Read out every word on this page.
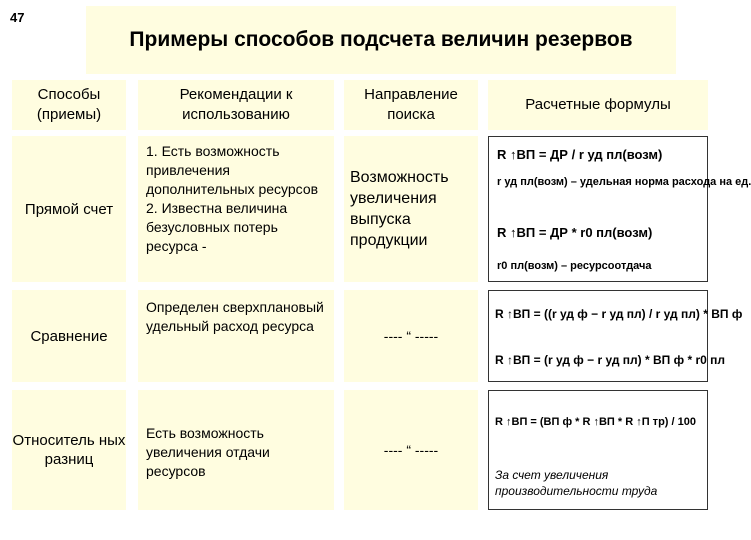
47
Примеры способов подсчета величин резервов
Способы (приемы)
Рекомендации к использованию
Направление поиска
Расчетные формулы
Прямой счет
1. Есть возможность привлечения дополнительных ресурсов 2. Известна величина безусловных потерь ресурса -
Возможность увеличения выпуска продукции
R ↑ВП = ДР / r уд пл(возм)
r уд пл(возм) – удельная норма расхода на ед.
R ↑ВП = ДР * r0 пл(возм)
r0 пл(возм) – ресурсоотдача
Сравнение
Определен сверхплановый удельный расход ресурса
---- “ -----
R ↑ВП = ((r уд ф − r уд пл) / r уд пл) * ВП ф
R ↑ВП = (r уд ф − r уд пл) * ВП ф * r0 пл
Относитель ных разниц
Есть возможность увеличения отдачи ресурсов
---- “ -----
R ↑ВП = (ВП ф * R ↑ВП * R ↑П тр) / 100
За счет увеличения производительности труда
